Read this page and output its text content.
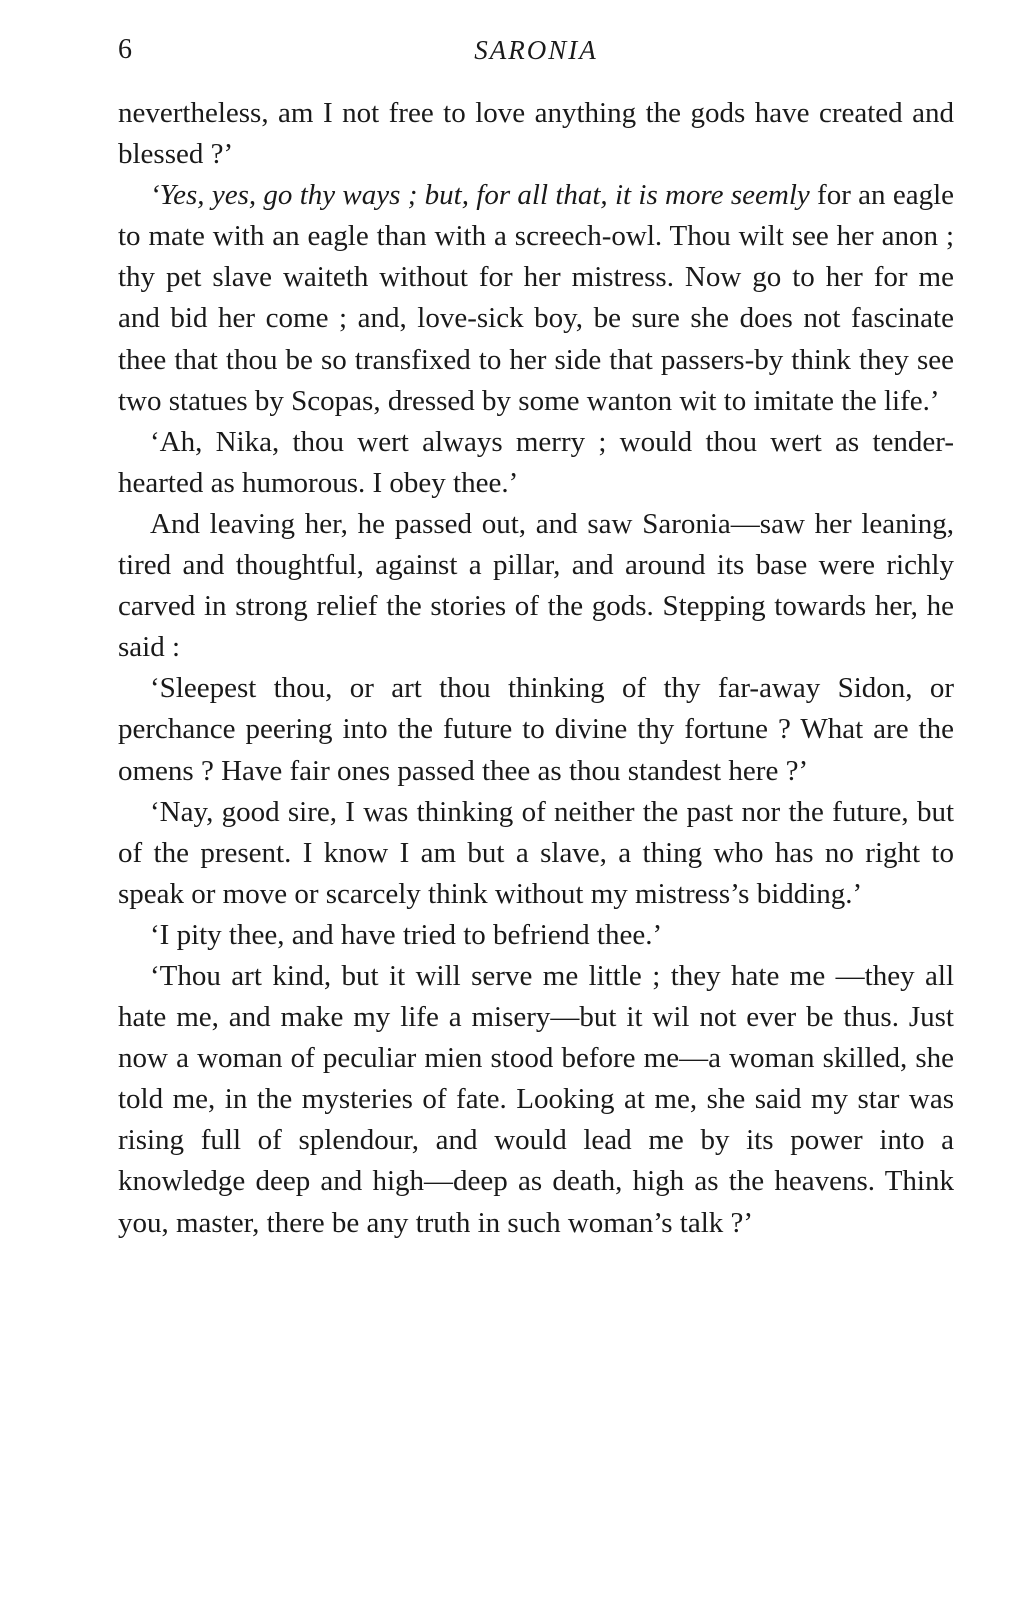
6	SARONIA

nevertheless, am I not free to love anything the gods have created and blessed ?’

‘Yes, yes, go thy ways ; but, for all that, it is more seemly for an eagle to mate with an eagle than with a screech-owl. Thou wilt see her anon ; thy pet slave waiteth without for her mistress. Now go to her for me and bid her come ; and, love-sick boy, be sure she does not fascinate thee that thou be so transfixed to her side that passers-by think they see two statues by Scopas, dressed by some wanton wit to imitate the life.’

‘Ah, Nika, thou wert always merry ; would thou wert as tender-hearted as humorous. I obey thee.’

And leaving her, he passed out, and saw Saronia—saw her leaning, tired and thoughtful, against a pillar, and around its base were richly carved in strong relief the stories of the gods. Stepping towards her, he said :

‘Sleepest thou, or art thou thinking of thy far-away Sidon, or perchance peering into the future to divine thy fortune ? What are the omens ? Have fair ones passed thee as thou standest here ?’

‘Nay, good sire, I was thinking of neither the past nor the future, but of the present. I know I am but a slave, a thing who has no right to speak or move or scarcely think without my mistress’s bidding.’

‘I pity thee, and have tried to befriend thee.’

‘Thou art kind, but it will serve me little ; they hate me —they all hate me, and make my life a misery—but it wil not ever be thus. Just now a woman of peculiar mien stood before me—a woman skilled, she told me, in the mysteries of fate. Looking at me, she said my star was rising full of splendour, and would lead me by its power into a knowledge deep and high—deep as death, high as the heavens. Think you, master, there be any truth in such woman’s talk ?’
